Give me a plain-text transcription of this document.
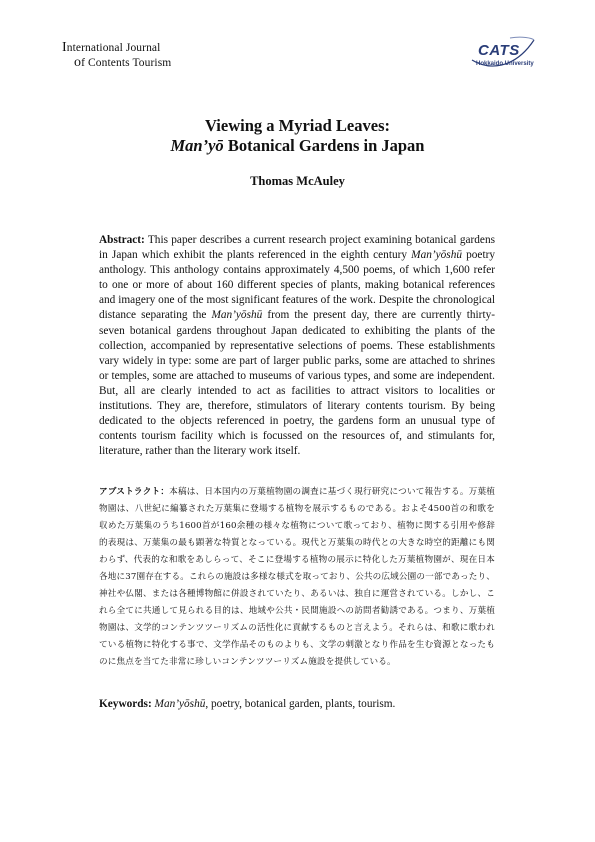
International Journal
of Contents Tourism
CATS
Hokkaido University
Viewing a Myriad Leaves:
Man’yō Botanical Gardens in Japan
Thomas McAuley
Abstract: This paper describes a current research project examining botanical gardens in Japan which exhibit the plants referenced in the eighth century Man’yōshū poetry anthology. This anthology contains approximately 4,500 poems, of which 1,600 refer to one or more of about 160 different species of plants, making botanical references and imagery one of the most significant features of the work. Despite the chronological distance separating the Man’yōshū from the present day, there are currently thirty-seven botanical gardens throughout Japan dedicated to exhibiting the plants of the collection, accompanied by representative selections of poems. These establishments vary widely in type: some are part of larger public parks, some are attached to shrines or temples, some are attached to museums of various types, and some are independent. But, all are clearly intended to act as facilities to attract visitors to localities or institutions. They are, therefore, stimulators of literary contents tourism. By being dedicated to the objects referenced in poetry, the gardens form an unusual type of contents tourism facility which is focussed on the resources of, and stimulants for, literature, rather than the literary work itself.
アブストラクト：本稿は、日本国内の万葉植物園の調査に基づく現行研究について報告する。万葉植物園は、八世紀に編纂された万葉集に登場する植物を展示するものである。およそ4500首の和歌を収めた万葉集のうち1600首が160余種の様々な植物について歌っており、植物に関する引用や修辞的表現は、万葉集の最も顕著な特質となっている。現代と万葉集の時代との大きな時空的距離にも関わらず、代表的な和歌をあしらって、そこに登場する植物の展示に特化した万葉植物園が、現在日本各地に37園存在する。これらの施設は多様な様式を取っており、公共の広域公園の一部であったり、神社や仏閣、または各種博物館に併設されていたり、あるいは、独自に運営されている。しかし、これら全てに共通して見られる目的は、地域や公共・民間施設への訪問者勧誘である。つまり、万葉植物園は、文学的コンテンツツーリズムの活性化に貢献するものと言えよう。それらは、和歌に歌われている植物に特化する事で、文学作品そのものよりも、文学の刺激となり作品を生む資源となったものに焦点を当てた非常に珍しいコンテンツツーリズム施設を提供している。
Keywords: Man’yōshū, poetry, botanical garden, plants, tourism.
